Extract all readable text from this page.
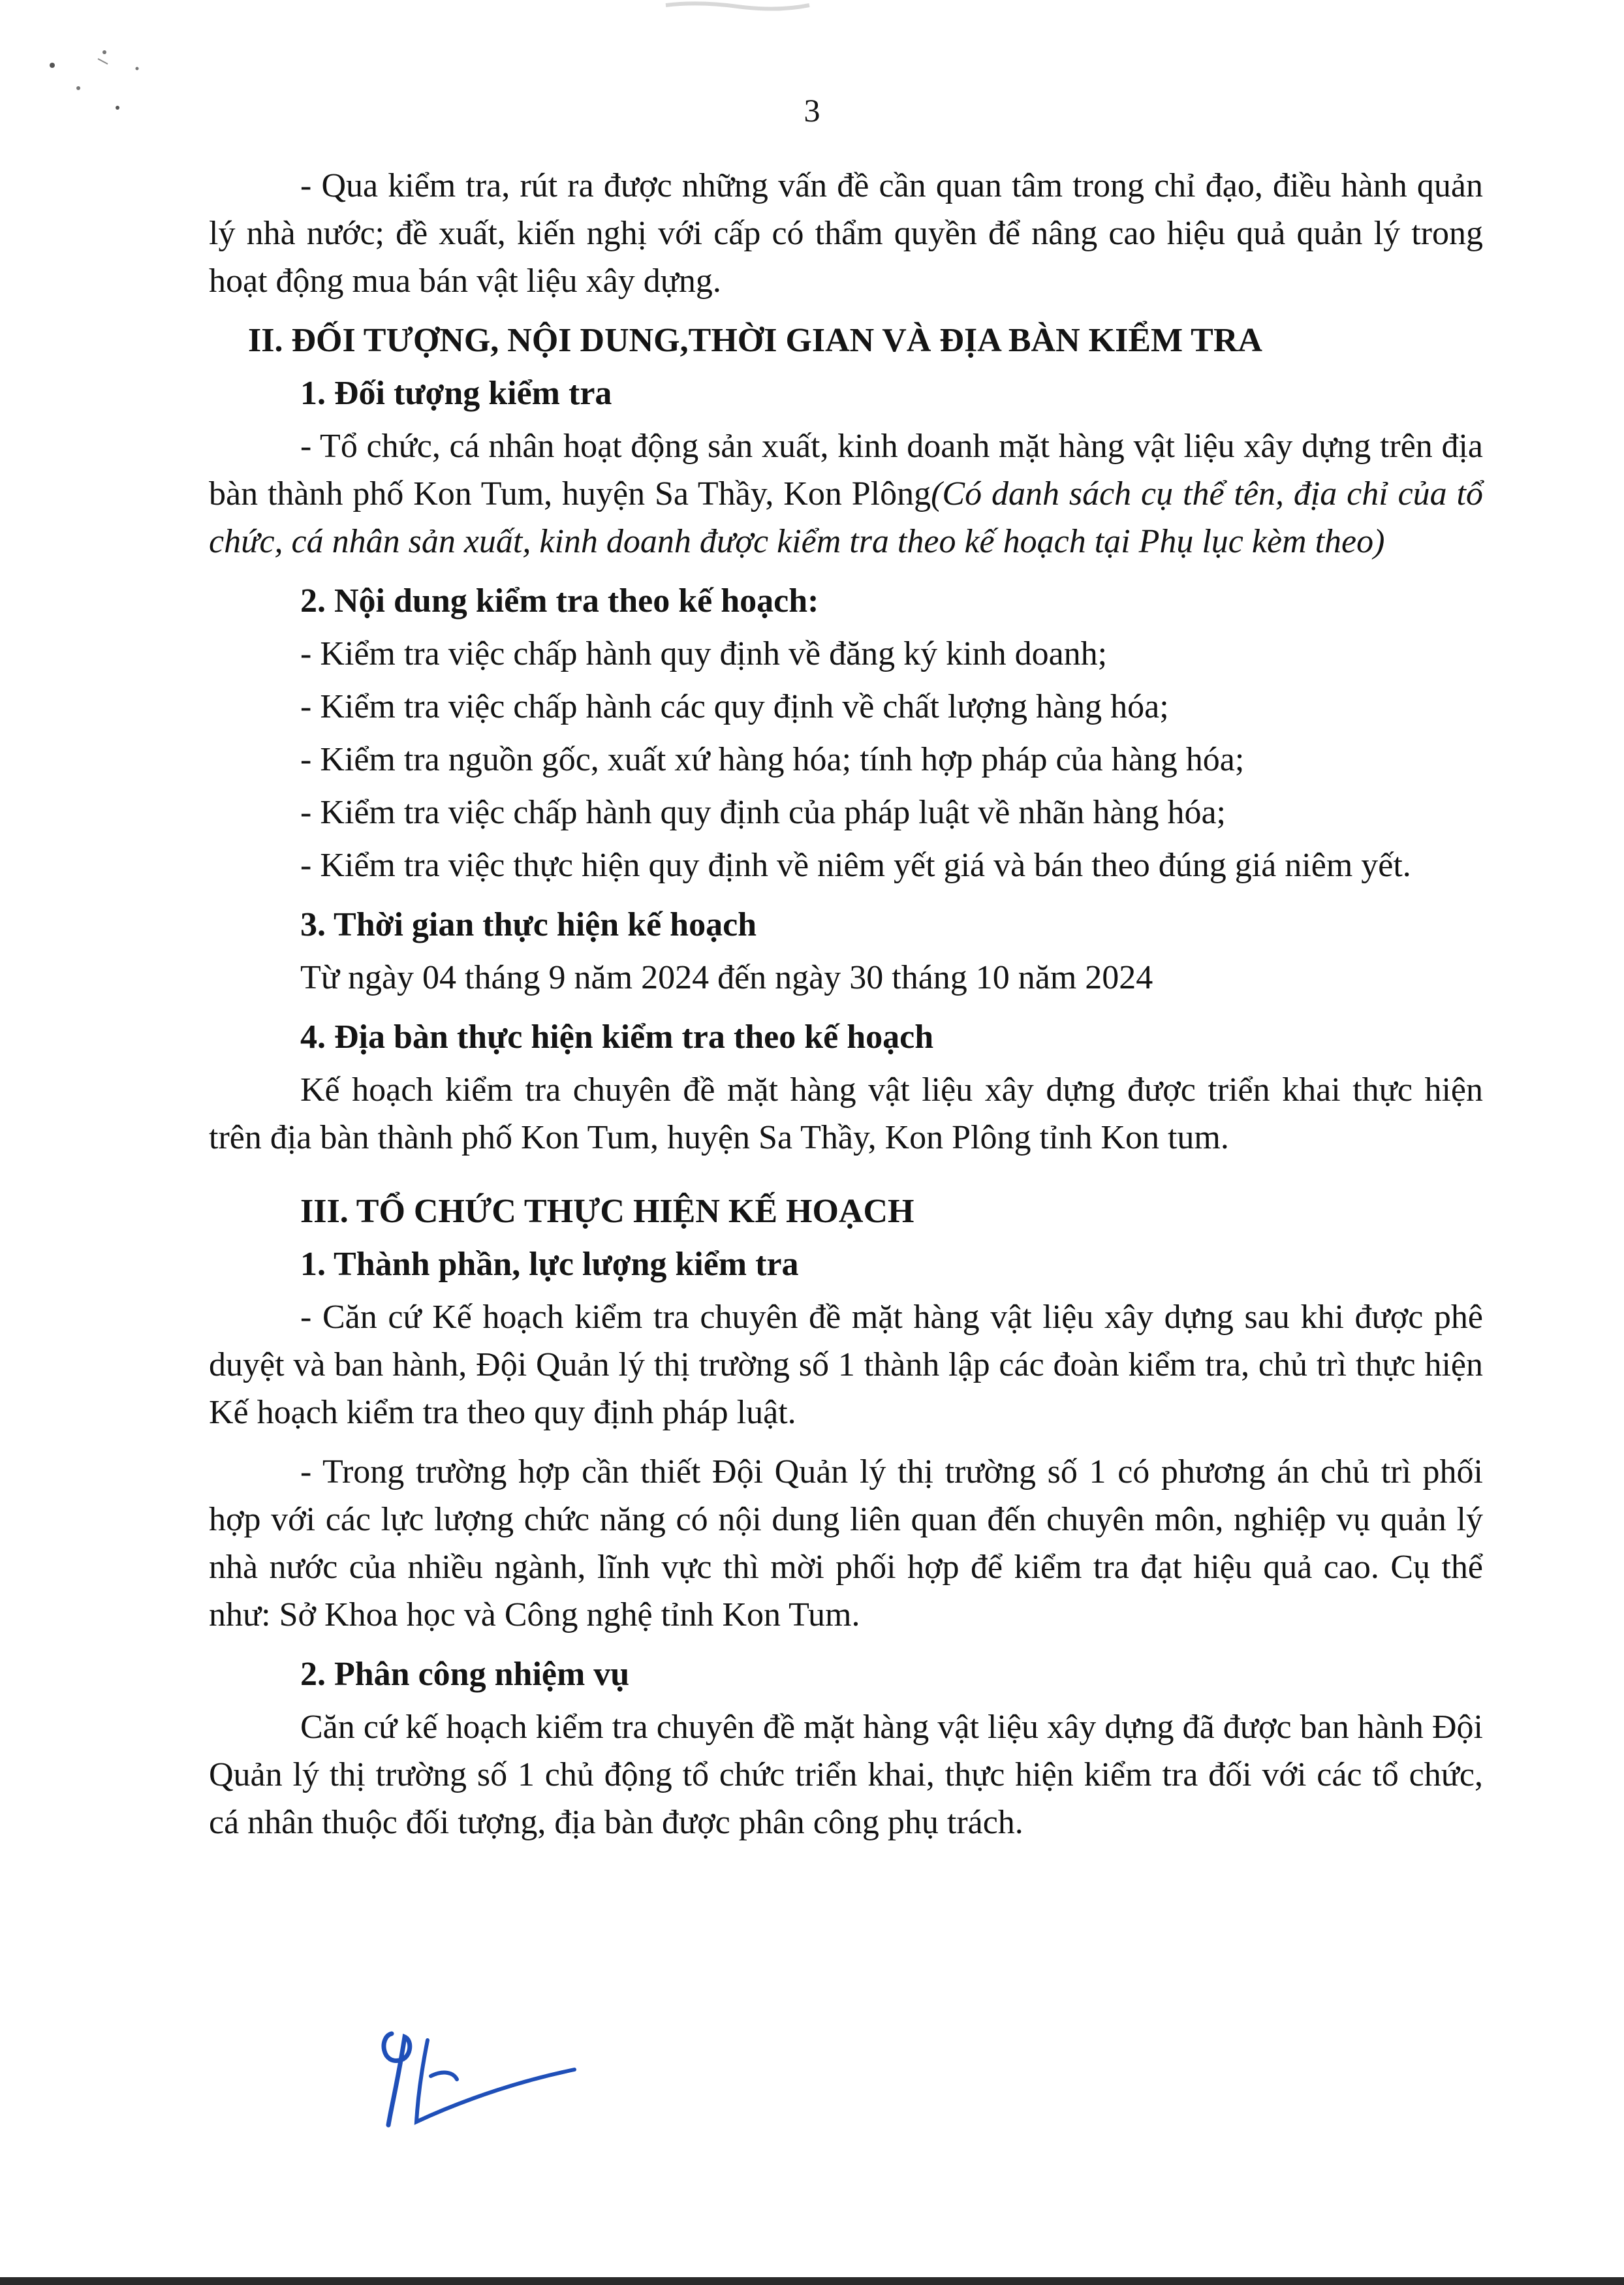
3

- Qua kiểm tra, rút ra được những vấn đề cần quan tâm trong chỉ đạo, điều hành quản lý nhà nước; đề xuất, kiến nghị với cấp có thẩm quyền để nâng cao hiệu quả quản lý trong hoạt động mua bán vật liệu xây dựng.

II. ĐỐI TƯỢNG, NỘI DUNG,THỜI GIAN VÀ ĐỊA BÀN KIỂM TRA

1. Đối tượng kiểm tra

- Tổ chức, cá nhân hoạt động sản xuất, kinh doanh mặt hàng vật liệu xây dựng trên địa bàn thành phố Kon Tum, huyện Sa Thầy, Kon Plông(Có danh sách cụ thể tên, địa chỉ của tổ chức, cá nhân sản xuất, kinh doanh được kiểm tra theo kế hoạch tại Phụ lục kèm theo)

2. Nội dung kiểm tra theo kế hoạch:

- Kiểm tra việc chấp hành quy định về đăng ký kinh doanh;

- Kiểm tra việc chấp hành các quy định về chất lượng hàng hóa;

- Kiểm tra nguồn gốc, xuất xứ hàng hóa; tính hợp pháp của hàng hóa;

- Kiểm tra việc chấp hành quy định của pháp luật về nhãn hàng hóa;

- Kiểm tra việc thực hiện quy định về niêm yết giá và bán theo đúng giá niêm yết.

3. Thời gian thực hiện kế hoạch

Từ ngày 04 tháng 9 năm 2024 đến ngày 30 tháng 10 năm 2024

4. Địa bàn thực hiện kiểm tra theo kế hoạch

Kế hoạch kiểm tra chuyên đề mặt hàng vật liệu xây dựng được triển khai thực hiện trên địa bàn thành phố Kon Tum, huyện Sa Thầy, Kon Plông tỉnh Kon tum.

III. TỔ CHỨC THỰC HIỆN KẾ HOẠCH

1. Thành phần, lực lượng kiểm tra

- Căn cứ Kế hoạch kiểm tra chuyên đề mặt hàng vật liệu xây dựng sau khi được phê duyệt và ban hành, Đội Quản lý thị trường số 1 thành lập các đoàn kiểm tra, chủ trì thực hiện Kế hoạch kiểm tra theo quy định pháp luật.

- Trong trường hợp cần thiết Đội Quản lý thị trường số 1 có phương án chủ trì phối hợp với các lực lượng chức năng có nội dung liên quan đến chuyên môn, nghiệp vụ quản lý nhà nước của nhiều ngành, lĩnh vực thì mời phối hợp để kiểm tra đạt hiệu quả cao. Cụ thể như: Sở Khoa học và Công nghệ tỉnh Kon Tum.

2. Phân công nhiệm vụ

Căn cứ kế hoạch kiểm tra chuyên đề mặt hàng vật liệu xây dựng đã được ban hành Đội Quản lý thị trường số 1 chủ động tổ chức triển khai, thực hiện kiểm tra đối với các tổ chức, cá nhân thuộc đối tượng, địa bàn được phân công phụ trách.
